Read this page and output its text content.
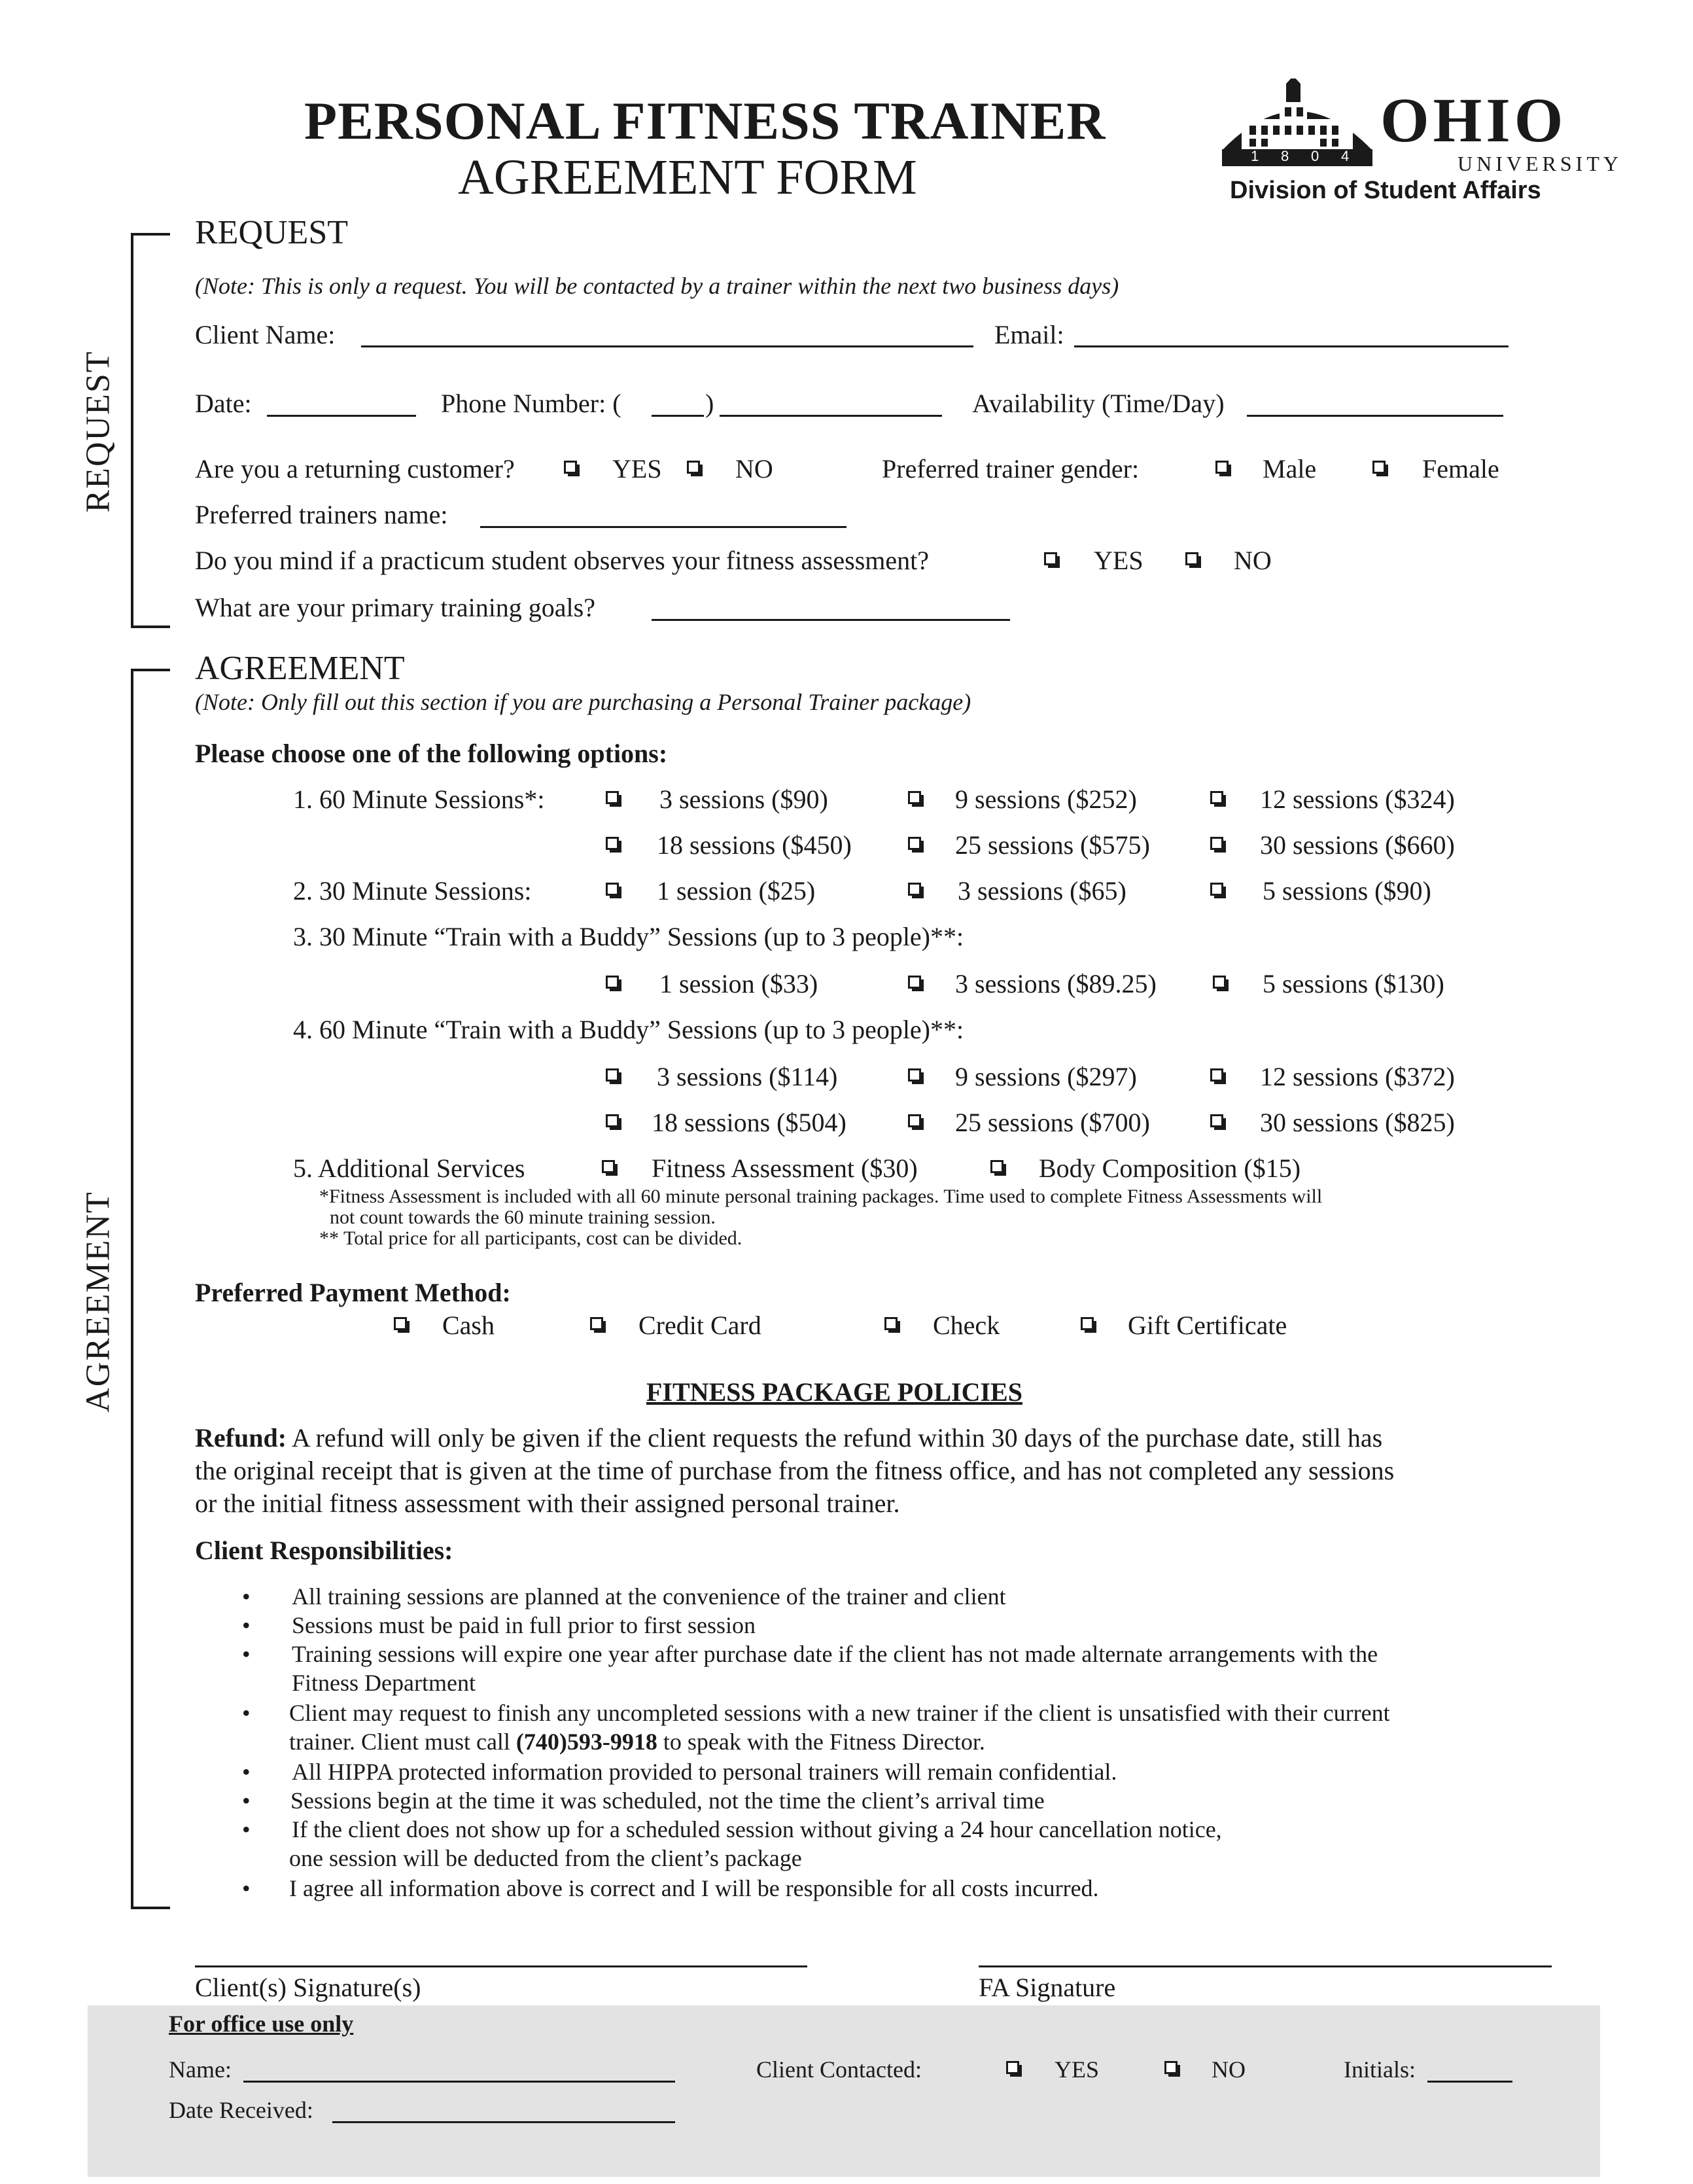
PERSONAL FITNESS TRAINER
AGREEMENT FORM	1 8 0 4
OHIO
UNIVERSITY
Division of Student Affairs
REQUEST
AGREEMENT
REQUEST
(Note: This is only a request. You will be contacted by a trainer within the next two business days)
Client Name:	Email:
Date:	Phone Number: (	)	Availability (Time/Day)
Are you a returning customer?	YES	NO	Preferred trainer gender:	Male	Female
Preferred trainers name:
Do you mind if a practicum student observes your fitness assessment?	YES	NO
What are your primary training goals?
AGREEMENT
(Note: Only fill out this section if you are purchasing a Personal Trainer package)
Please choose one of the following options:
1. 60 Minute Sessions*:	3 sessions ($90)	9 sessions ($252)	12 sessions ($324)
18 sessions ($450)	25 sessions ($575)	30 sessions ($660)
2. 30 Minute Sessions:	1 session ($25)	3 sessions ($65)	5 sessions ($90)
3. 30 Minute “Train with a Buddy” Sessions (up to 3 people)**:
1 session ($33)	3 sessions ($89.25)	5 sessions ($130)
4. 60 Minute “Train with a Buddy” Sessions (up to 3 people)**:
3 sessions ($114)	9 sessions ($297)	12 sessions ($372)
18 sessions ($504)	25 sessions ($700)	30 sessions ($825)
5. Additional Services	Fitness Assessment ($30)	Body Composition ($15)
*Fitness Assessment is included with all 60 minute personal training packages. Time used to complete Fitness Assessments will
not count towards the 60 minute training session.
** Total price for all participants, cost can be divided.
Preferred Payment Method:
Cash	Credit Card	Check	Gift Certificate
FITNESS PACKAGE POLICIES
Refund: A refund will only be given if the client requests the refund within 30 days of the purchase date, still has
the original receipt that is given at the time of purchase from the fitness office, and has not completed any sessions
or the initial fitness assessment with their assigned personal trainer.
Client Responsibilities:
• All training sessions are planned at the convenience of the trainer and client
• Sessions must be paid in full prior to first session
• Training sessions will expire one year after purchase date if the client has not made alternate arrangements with the
Fitness Department
• Client may request to finish any uncompleted sessions with a new trainer if the client is unsatisfied with their current
trainer. Client must call (740)593-9918 to speak with the Fitness Director.
• All HIPPA protected information provided to personal trainers will remain confidential.
• Sessions begin at the time it was scheduled, not the time the client’s arrival time
• If the client does not show up for a scheduled session without giving a 24 hour cancellation notice,
one session will be deducted from the client’s package
• I agree all information above is correct and I will be responsible for all costs incurred.
Client(s) Signature(s)	FA Signature
For office use only
Name:	Client Contacted:	YES	NO	Initials:
Date Received:
